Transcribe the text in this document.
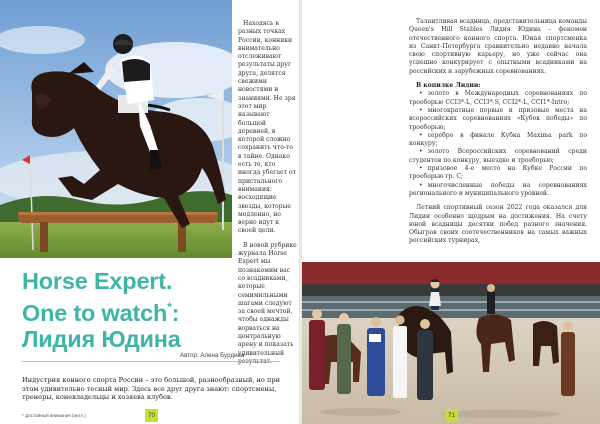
Находясь в разных точках России, конники внимательно отслеживают результаты друг друга, делятся свежими новостями и знаниями. Не зря этот мир называют большой деревней, в которой сложно сохранить что-то в тайне. Однако есть те, кто иногда убегает от пристального внимания: восходящие звезды, которые медленно, но верно идут к своей цели.

В новой рубрике журнала Horse Expert мы познакомим вас со всадниками, которые семимильными шагами следуют за своей мечтой, чтобы однажды ворваться на центральную арену и показать удивительный

Horse Expert.

One to watch*:

Лидия Юдина

Автор: Алена Бурдина

Индустрия конного спорта России – это большой, разнообразный, но при этом удивительно тесный мир. Здесь все друг друга знают: спортсмены, тренеры, коневладельцы и хозяева клубов.

* Достойный внимания (англ.)	70

Талантливая всадница, представительница команды Queen's Hill Stables Лидия Юдина – феномен отечественного конного спорта. Юная спортсменка из Санкт-Петербурга сравнительно недавно начала свою спортивную карьеру, но уже сейчас она успешно конкурирует с опытными всадниками на российских и зарубежных соревнованиях.

В копилке Лидии:

• золото в Международных соревнованиях по троеборью CCI3*-L, CCI3*-S, CCI2*-L, CCI1*-Intro;
• многократные первые и призовые места на всероссийских соревнованиях «Кубок победы» по троеборью;
• серебро в финале Кубка Maxima park по конкуру;
• золото Всероссийских соревнований среди студентов по конкуру, выездке и троеборью;
• призовое 4-е место на Кубке России по троеборью гр. С;
• многочисленные победы на соревнованиях регионального и муниципального уровней.

Летний спортивный сезон 2022 года оказался для Лидии особенно щедрым на достижения. На счету юной всадницы десятки побед разного значения. Обыграв своих соотечественников на самых важных российских турнирах,

71
